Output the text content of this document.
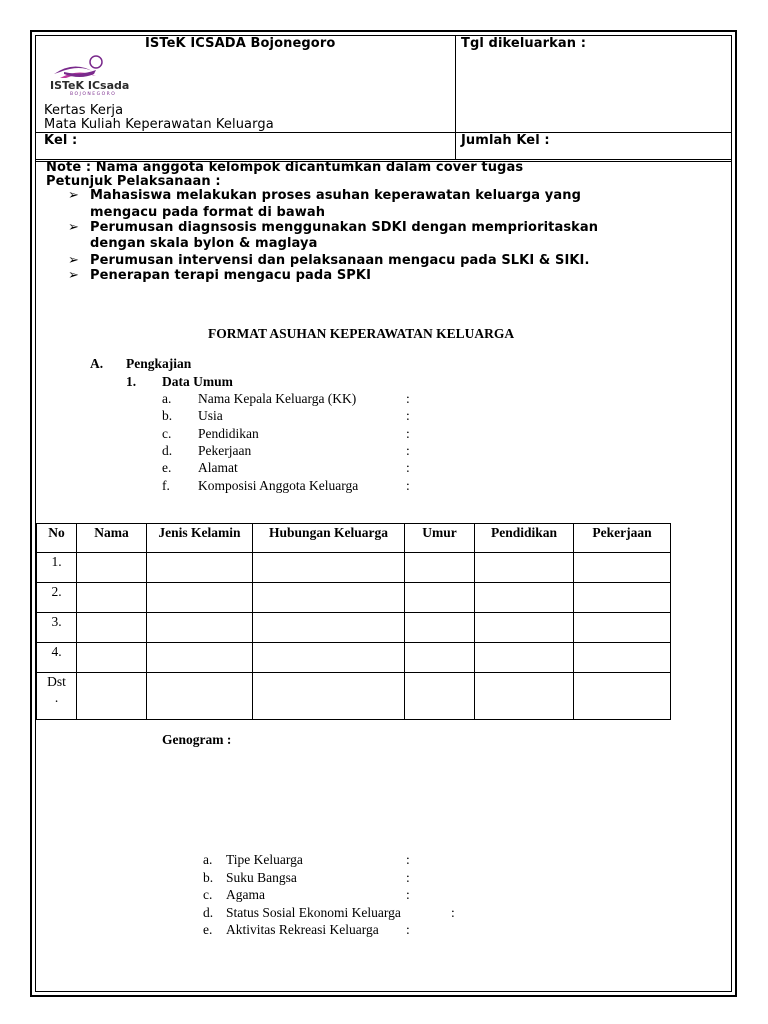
ISTeK ICSADA Bojonegoro	Tgl dikeluarkan :
ISTeK ICsada
BOJONEGORO
Kertas Kerja
Mata Kuliah Keperawatan Keluarga
Kel :	Jumlah Kel :
Note : Nama anggota kelompok dicantumkan dalam cover tugas
Petunjuk Pelaksanaan :
➢ Mahasiswa melakukan proses asuhan keperawatan keluarga yang
mengacu pada format di bawah
➢ Perumusan diagnsosis menggunakan SDKI dengan memprioritaskan
dengan skala bylon & maglaya
➢ Perumusan intervensi dan pelaksanaan mengacu pada SLKI & SIKI.
➢ Penerapan terapi mengacu pada SPKI
FORMAT ASUHAN KEPERAWATAN KELUARGA
A. Pengkajian
1. Data Umum
a. Nama Kepala Keluarga (KK)	:
b. Usia	:
c. Pendidikan	:
d. Pekerjaan	:
e. Alamat	:
f. Komposisi Anggota Keluarga	:
No	Nama	Jenis Kelamin	Hubungan Keluarga	Umur	Pendidikan	Pekerjaan
1.						
2.						
3.						
4.						
Dst
.						
Genogram :
a. Tipe Keluarga	:
b. Suku Bangsa	:
c. Agama	:
d. Status Sosial Ekonomi Keluarga	:
e. Aktivitas Rekreasi Keluarga :
